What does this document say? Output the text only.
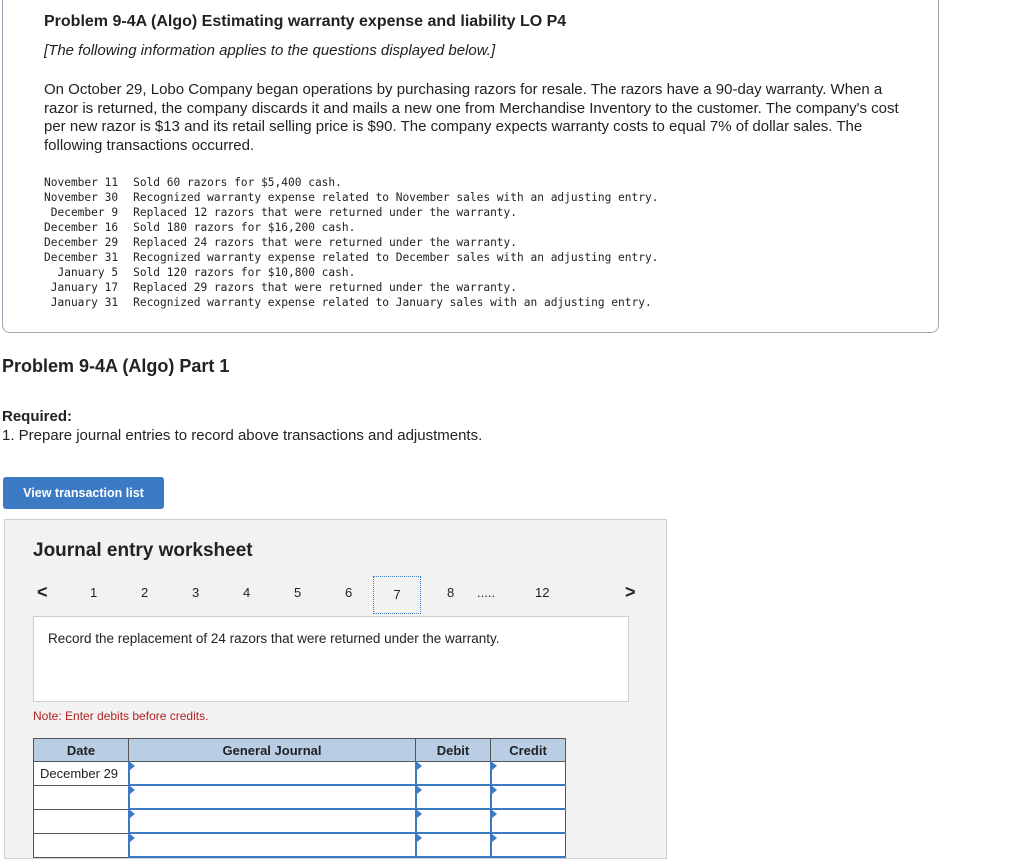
Problem 9-4A (Algo) Estimating warranty expense and liability LO P4
[The following information applies to the questions displayed below.]
On October 29, Lobo Company began operations by purchasing razors for resale. The razors have a 90-day warranty. When a razor is returned, the company discards it and mails a new one from Merchandise Inventory to the customer. The company's cost per new razor is $13 and its retail selling price is $90. The company expects warranty costs to equal 7% of dollar sales. The following transactions occurred.
November 11	Sold 60 razors for $5,400 cash.
November 30	Recognized warranty expense related to November sales with an adjusting entry.
December 9	Replaced 12 razors that were returned under the warranty.
December 16	Sold 180 razors for $16,200 cash.
December 29	Replaced 24 razors that were returned under the warranty.
December 31	Recognized warranty expense related to December sales with an adjusting entry.
January 5	Sold 120 razors for $10,800 cash.
January 17	Replaced 29 razors that were returned under the warranty.
January 31	Recognized warranty expense related to January sales with an adjusting entry.
Problem 9-4A (Algo) Part 1
Required:
1. Prepare journal entries to record above transactions and adjustments.
View transaction list
Journal entry worksheet
<	1	2	3	4	5	6	7	8 .....	12	>
Record the replacement of 24 razors that were returned under the warranty.
Note: Enter debits before credits.
Date	General Journal	Debit	Credit
December 29			
